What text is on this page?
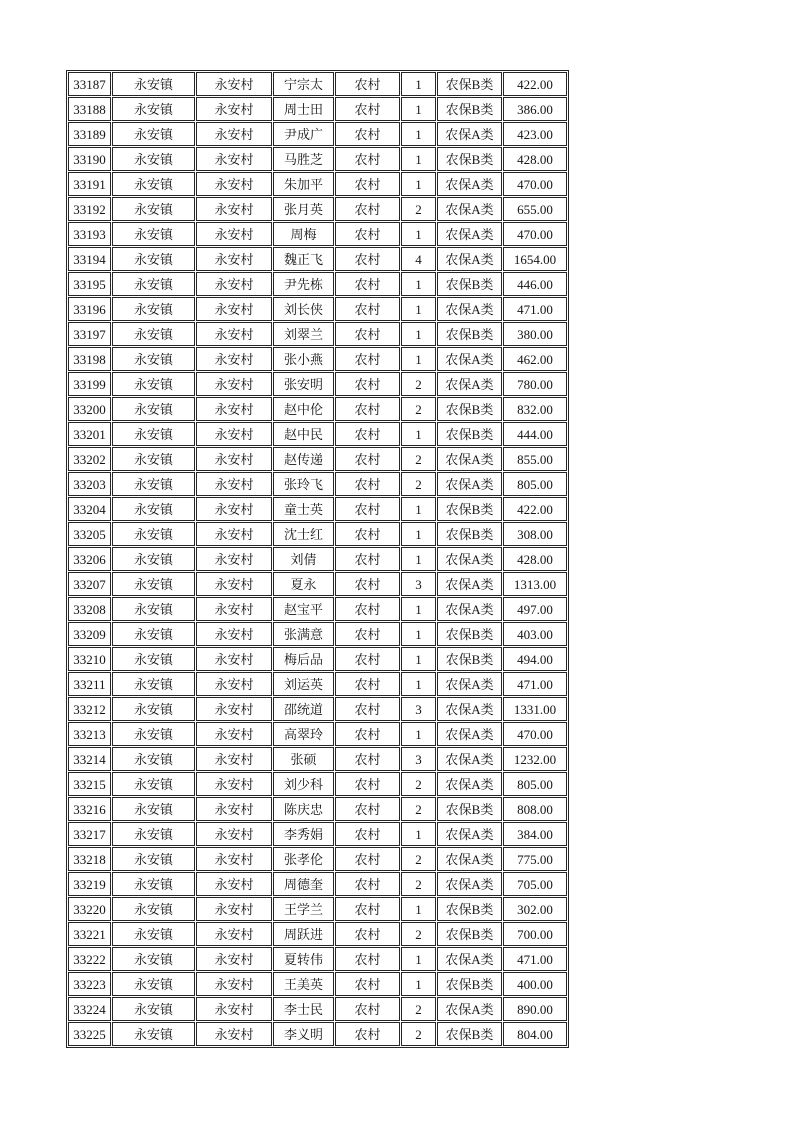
33187	永安镇	永安村	宁宗太	农村	1	农保B类	422.00
33188	永安镇	永安村	周士田	农村	1	农保B类	386.00
33189	永安镇	永安村	尹成广	农村	1	农保A类	423.00
33190	永安镇	永安村	马胜芝	农村	1	农保B类	428.00
33191	永安镇	永安村	朱加平	农村	1	农保A类	470.00
33192	永安镇	永安村	张月英	农村	2	农保A类	655.00
33193	永安镇	永安村	周梅	农村	1	农保A类	470.00
33194	永安镇	永安村	魏正飞	农村	4	农保A类	1654.00
33195	永安镇	永安村	尹先栋	农村	1	农保B类	446.00
33196	永安镇	永安村	刘长侠	农村	1	农保A类	471.00
33197	永安镇	永安村	刘翠兰	农村	1	农保B类	380.00
33198	永安镇	永安村	张小燕	农村	1	农保A类	462.00
33199	永安镇	永安村	张安明	农村	2	农保A类	780.00
33200	永安镇	永安村	赵中伦	农村	2	农保B类	832.00
33201	永安镇	永安村	赵中民	农村	1	农保B类	444.00
33202	永安镇	永安村	赵传递	农村	2	农保A类	855.00
33203	永安镇	永安村	张玲飞	农村	2	农保A类	805.00
33204	永安镇	永安村	童士英	农村	1	农保B类	422.00
33205	永安镇	永安村	沈士红	农村	1	农保B类	308.00
33206	永安镇	永安村	刘倩	农村	1	农保A类	428.00
33207	永安镇	永安村	夏永	农村	3	农保A类	1313.00
33208	永安镇	永安村	赵宝平	农村	1	农保A类	497.00
33209	永安镇	永安村	张满意	农村	1	农保B类	403.00
33210	永安镇	永安村	梅后品	农村	1	农保B类	494.00
33211	永安镇	永安村	刘运英	农村	1	农保A类	471.00
33212	永安镇	永安村	邵统道	农村	3	农保A类	1331.00
33213	永安镇	永安村	高翠玲	农村	1	农保A类	470.00
33214	永安镇	永安村	张硕	农村	3	农保A类	1232.00
33215	永安镇	永安村	刘少科	农村	2	农保A类	805.00
33216	永安镇	永安村	陈庆忠	农村	2	农保B类	808.00
33217	永安镇	永安村	李秀娟	农村	1	农保A类	384.00
33218	永安镇	永安村	张孝伦	农村	2	农保A类	775.00
33219	永安镇	永安村	周德奎	农村	2	农保A类	705.00
33220	永安镇	永安村	王学兰	农村	1	农保B类	302.00
33221	永安镇	永安村	周跃进	农村	2	农保B类	700.00
33222	永安镇	永安村	夏转伟	农村	1	农保A类	471.00
33223	永安镇	永安村	王美英	农村	1	农保B类	400.00
33224	永安镇	永安村	李士民	农村	2	农保A类	890.00
33225	永安镇	永安村	李义明	农村	2	农保B类	804.00
